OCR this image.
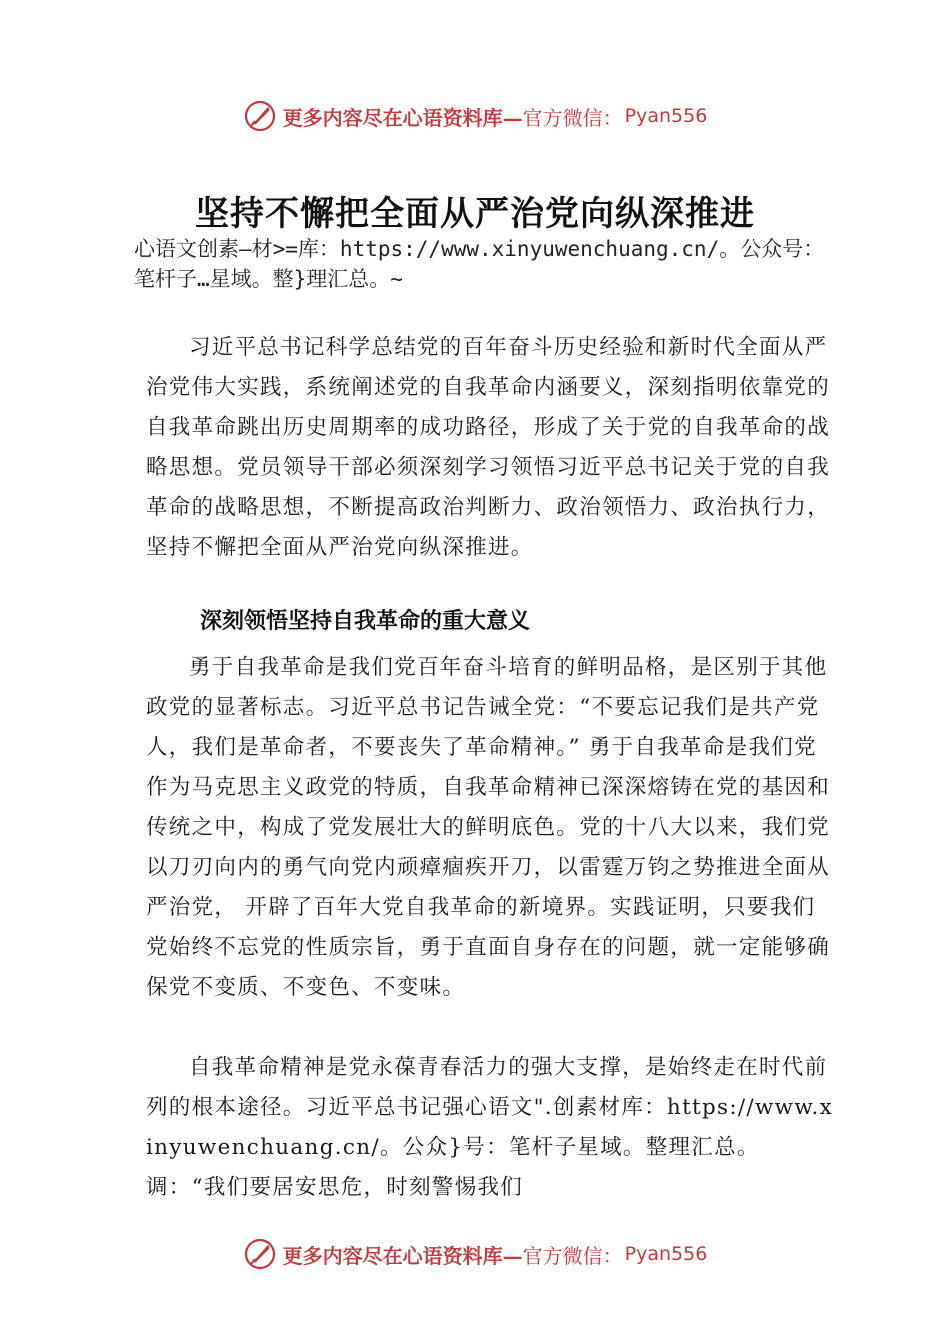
更多内容尽在心语资料库— 官方微信： Pyan556
坚持不懈把全面从严治党向纵深推进
心语文创素—材>=库：https://www.xinyuwenchuang.cn/。公众号：笔杆子…星域。整}理汇总。~

习近平总书记科学总结党的百年奋斗历史经验和新时代全面从严治党伟大实践，系统阐述党的自我革命内涵要义，深刻指明依靠党的自我革命跳出历史周期率的成功路径，形成了关于党的自我革命的战略思想。党员领导干部必须深刻学习领悟习近平总书记关于党的自我革命的战略思想，不断提高政治判断力、政治领悟力、政治执行力，坚持不懈把全面从严治党向纵深推进。

深刻领悟坚持自我革命的重大意义

勇于自我革命是我们党百年奋斗培育的鲜明品格，是区别于其他政党的显著标志。习近平总书记告诫全党：“不要忘记我们是共产党人，我们是革命者，不要丧失了革命精神。” 勇于自我革命是我们党作为马克思主义政党的特质，自我革命精神已深深熔铸在党的基因和传统之中，构成了党发展壮大的鲜明底色。党的十八大以来，我们党以刀刃向内的勇气向党内顽瘴痼疾开刀，以雷霆万钧之势推进全面从严治党， 开辟了百年大党自我革命的新境界。实践证明，只要我们党始终不忘党的性质宗旨，勇于直面自身存在的问题，就一定能够确保党不变质、不变色、不变味。

自我革命精神是党永葆青春活力的强大支撑，是始终走在时代前列的根本途径。习近平总书记强心语文".创素材库：https://www.xinyuwenchuang.cn/。公众}号：笔杆子星域。整理汇总。调：“我们要居安思危，时刻警惕我们

更多内容尽在心语资料库— 官方微信： Pyan556
